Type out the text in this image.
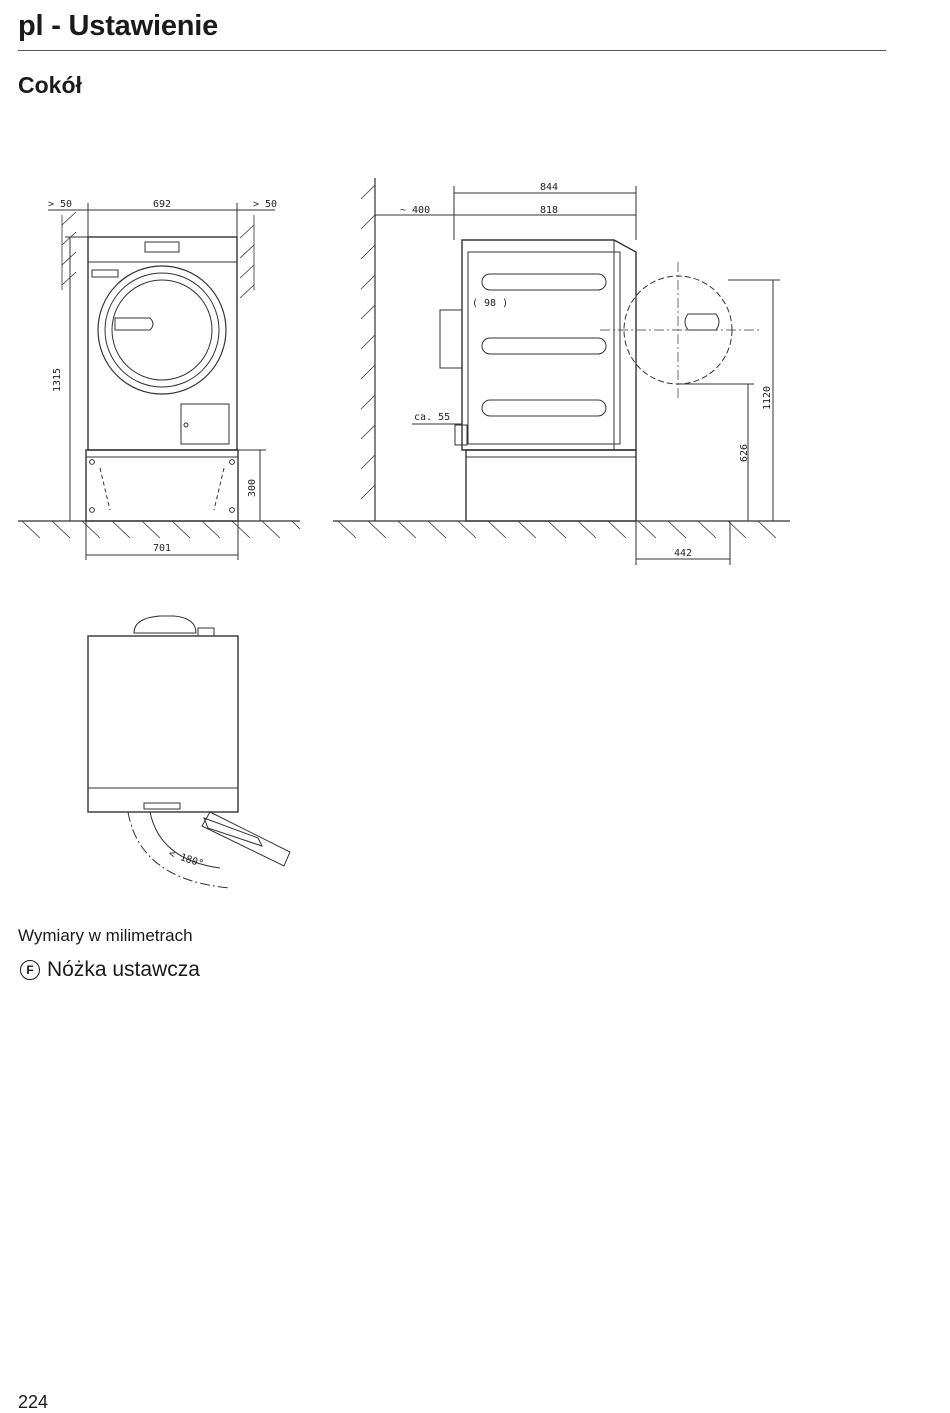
pl - Ustawienie
Cokół
> 50	692	> 50
1315
300
701
844
818
~ 400
( 98 )
ca. 55
1120
626
442
< 180°
Wymiary w milimetrach
F Nóżka ustawcza
224
